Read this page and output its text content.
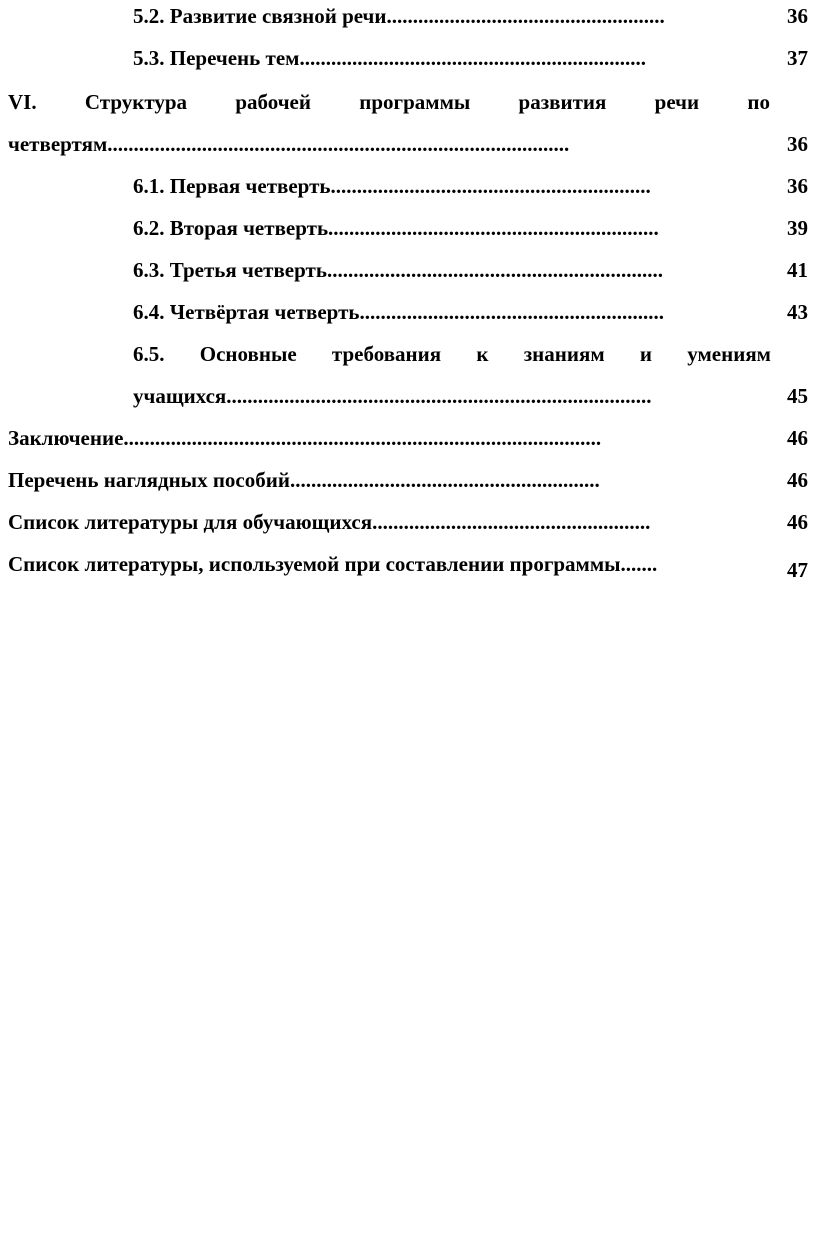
5.2. Развитие связной речи.....................................................	36
5.3. Перечень тем..................................................................	37
VI. Структура рабочей программы развития речи по
четвертям........................................................................................	36
6.1. Первая четверть.............................................................	36
6.2. Вторая четверть...............................................................	39
6.3. Третья четверть................................................................	41
6.4. Четвёртая четверть..........................................................	43
6.5. Основные требования к знаниям и умениям
учащихся.................................................................................	45
Заключение...........................................................................................	46
Перечень наглядных пособий...........................................................	46
Список литературы для обучающихся.....................................................	46
Список литературы, используемой при составлении программы.......	47
